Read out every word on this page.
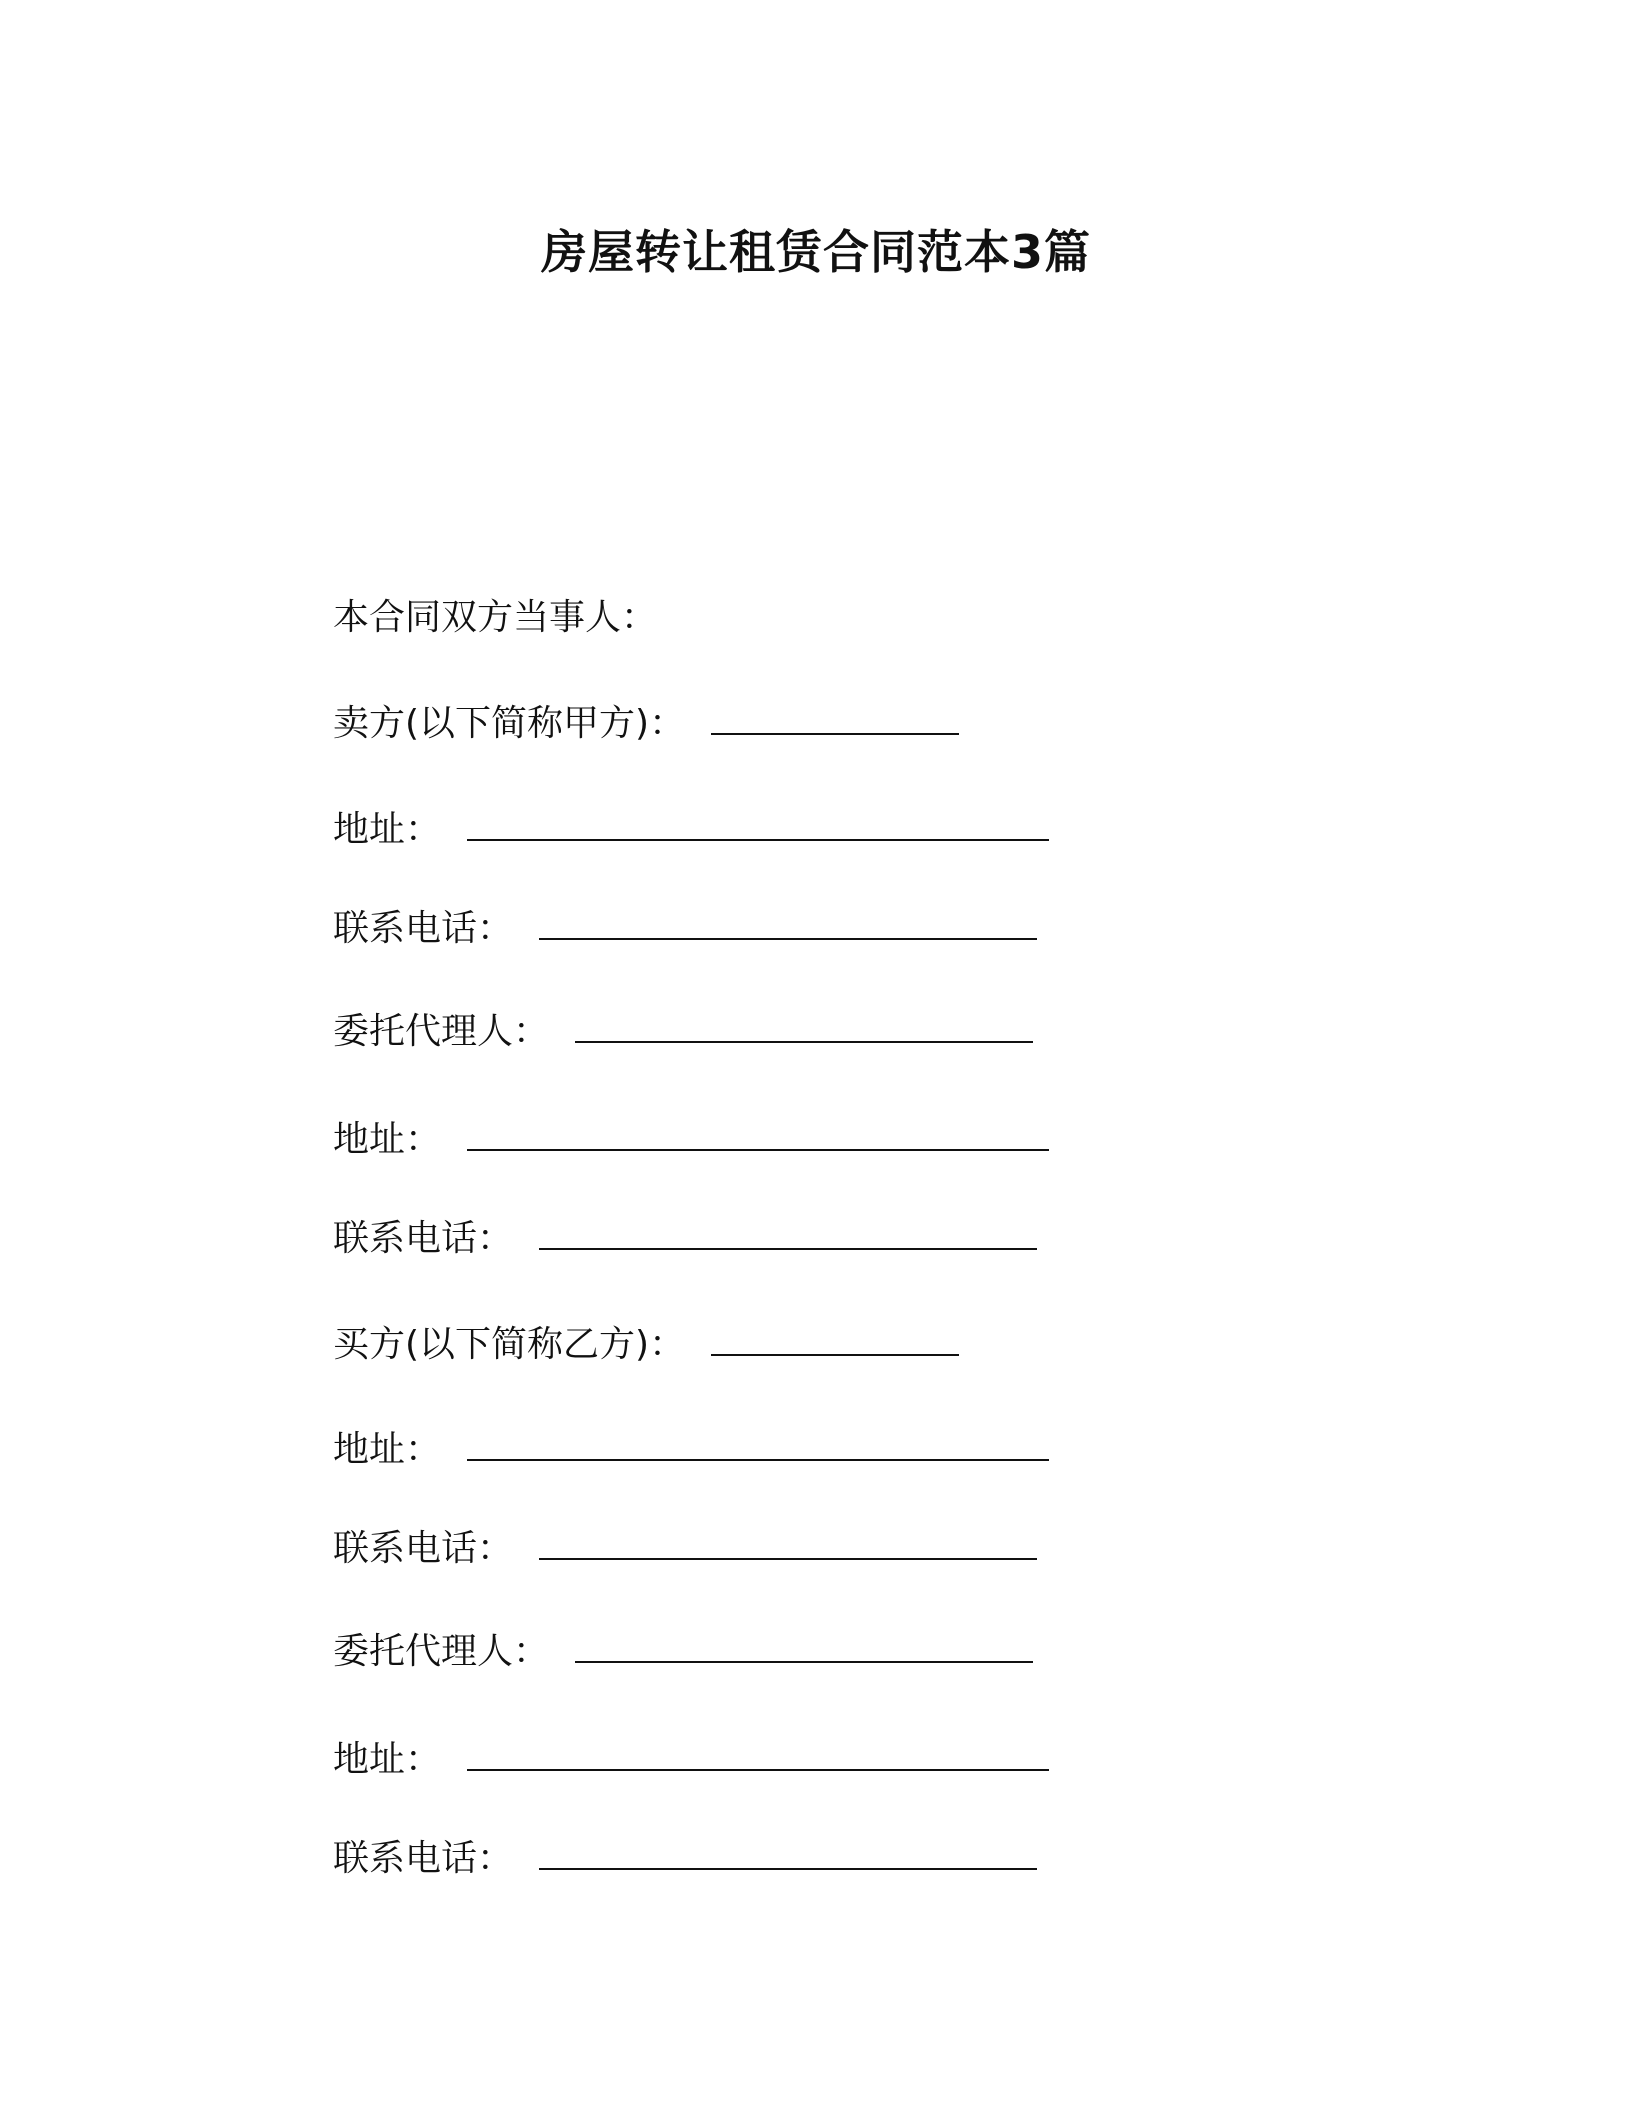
房屋转让租赁合同范本3篇
本合同双方当事人：
卖方(以下简称甲方)：
地址：
联系电话：
委托代理人：
地址：
联系电话：
买方(以下简称乙方)：
地址：
联系电话：
委托代理人：
地址：
联系电话：
